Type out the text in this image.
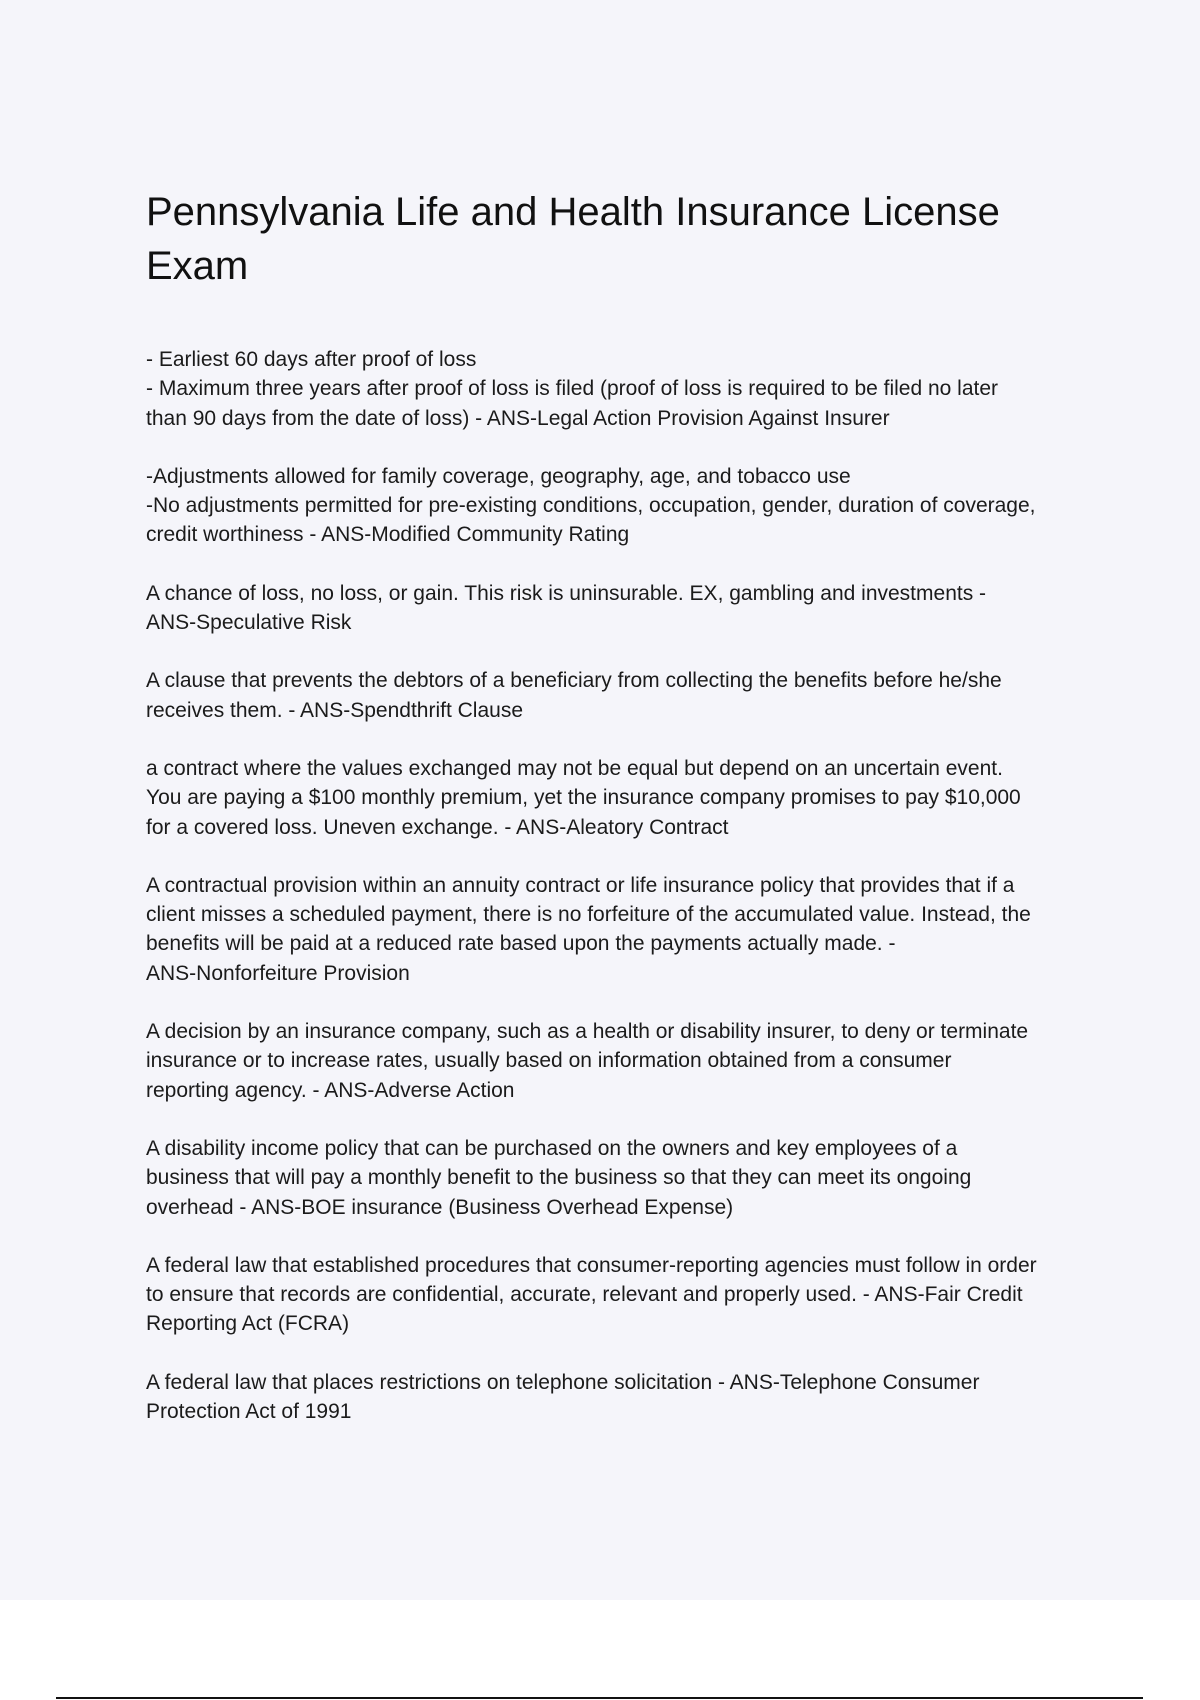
Pennsylvania Life and Health Insurance License
Exam
- Earliest 60 days after proof of loss
- Maximum three years after proof of loss is filed (proof of loss is required to be filed no later
than 90 days from the date of loss) - ANS-Legal Action Provision Against Insurer
-Adjustments allowed for family coverage, geography, age, and tobacco use
-No adjustments permitted for pre-existing conditions, occupation, gender, duration of coverage,
credit worthiness - ANS-Modified Community Rating
A chance of loss, no loss, or gain. This risk is uninsurable. EX, gambling and investments -
ANS-Speculative Risk
A clause that prevents the debtors of a beneficiary from collecting the benefits before he/she
receives them. - ANS-Spendthrift Clause
a contract where the values exchanged may not be equal but depend on an uncertain event.
You are paying a $100 monthly premium, yet the insurance company promises to pay $10,000
for a covered loss. Uneven exchange. - ANS-Aleatory Contract
A contractual provision within an annuity contract or life insurance policy that provides that if a
client misses a scheduled payment, there is no forfeiture of the accumulated value. Instead, the
benefits will be paid at a reduced rate based upon the payments actually made. -
ANS-Nonforfeiture Provision
A decision by an insurance company, such as a health or disability insurer, to deny or terminate
insurance or to increase rates, usually based on information obtained from a consumer
reporting agency. - ANS-Adverse Action
A disability income policy that can be purchased on the owners and key employees of a
business that will pay a monthly benefit to the business so that they can meet its ongoing
overhead - ANS-BOE insurance (Business Overhead Expense)
A federal law that established procedures that consumer-reporting agencies must follow in order
to ensure that records are confidential, accurate, relevant and properly used. - ANS-Fair Credit
Reporting Act (FCRA)
A federal law that places restrictions on telephone solicitation - ANS-Telephone Consumer
Protection Act of 1991
